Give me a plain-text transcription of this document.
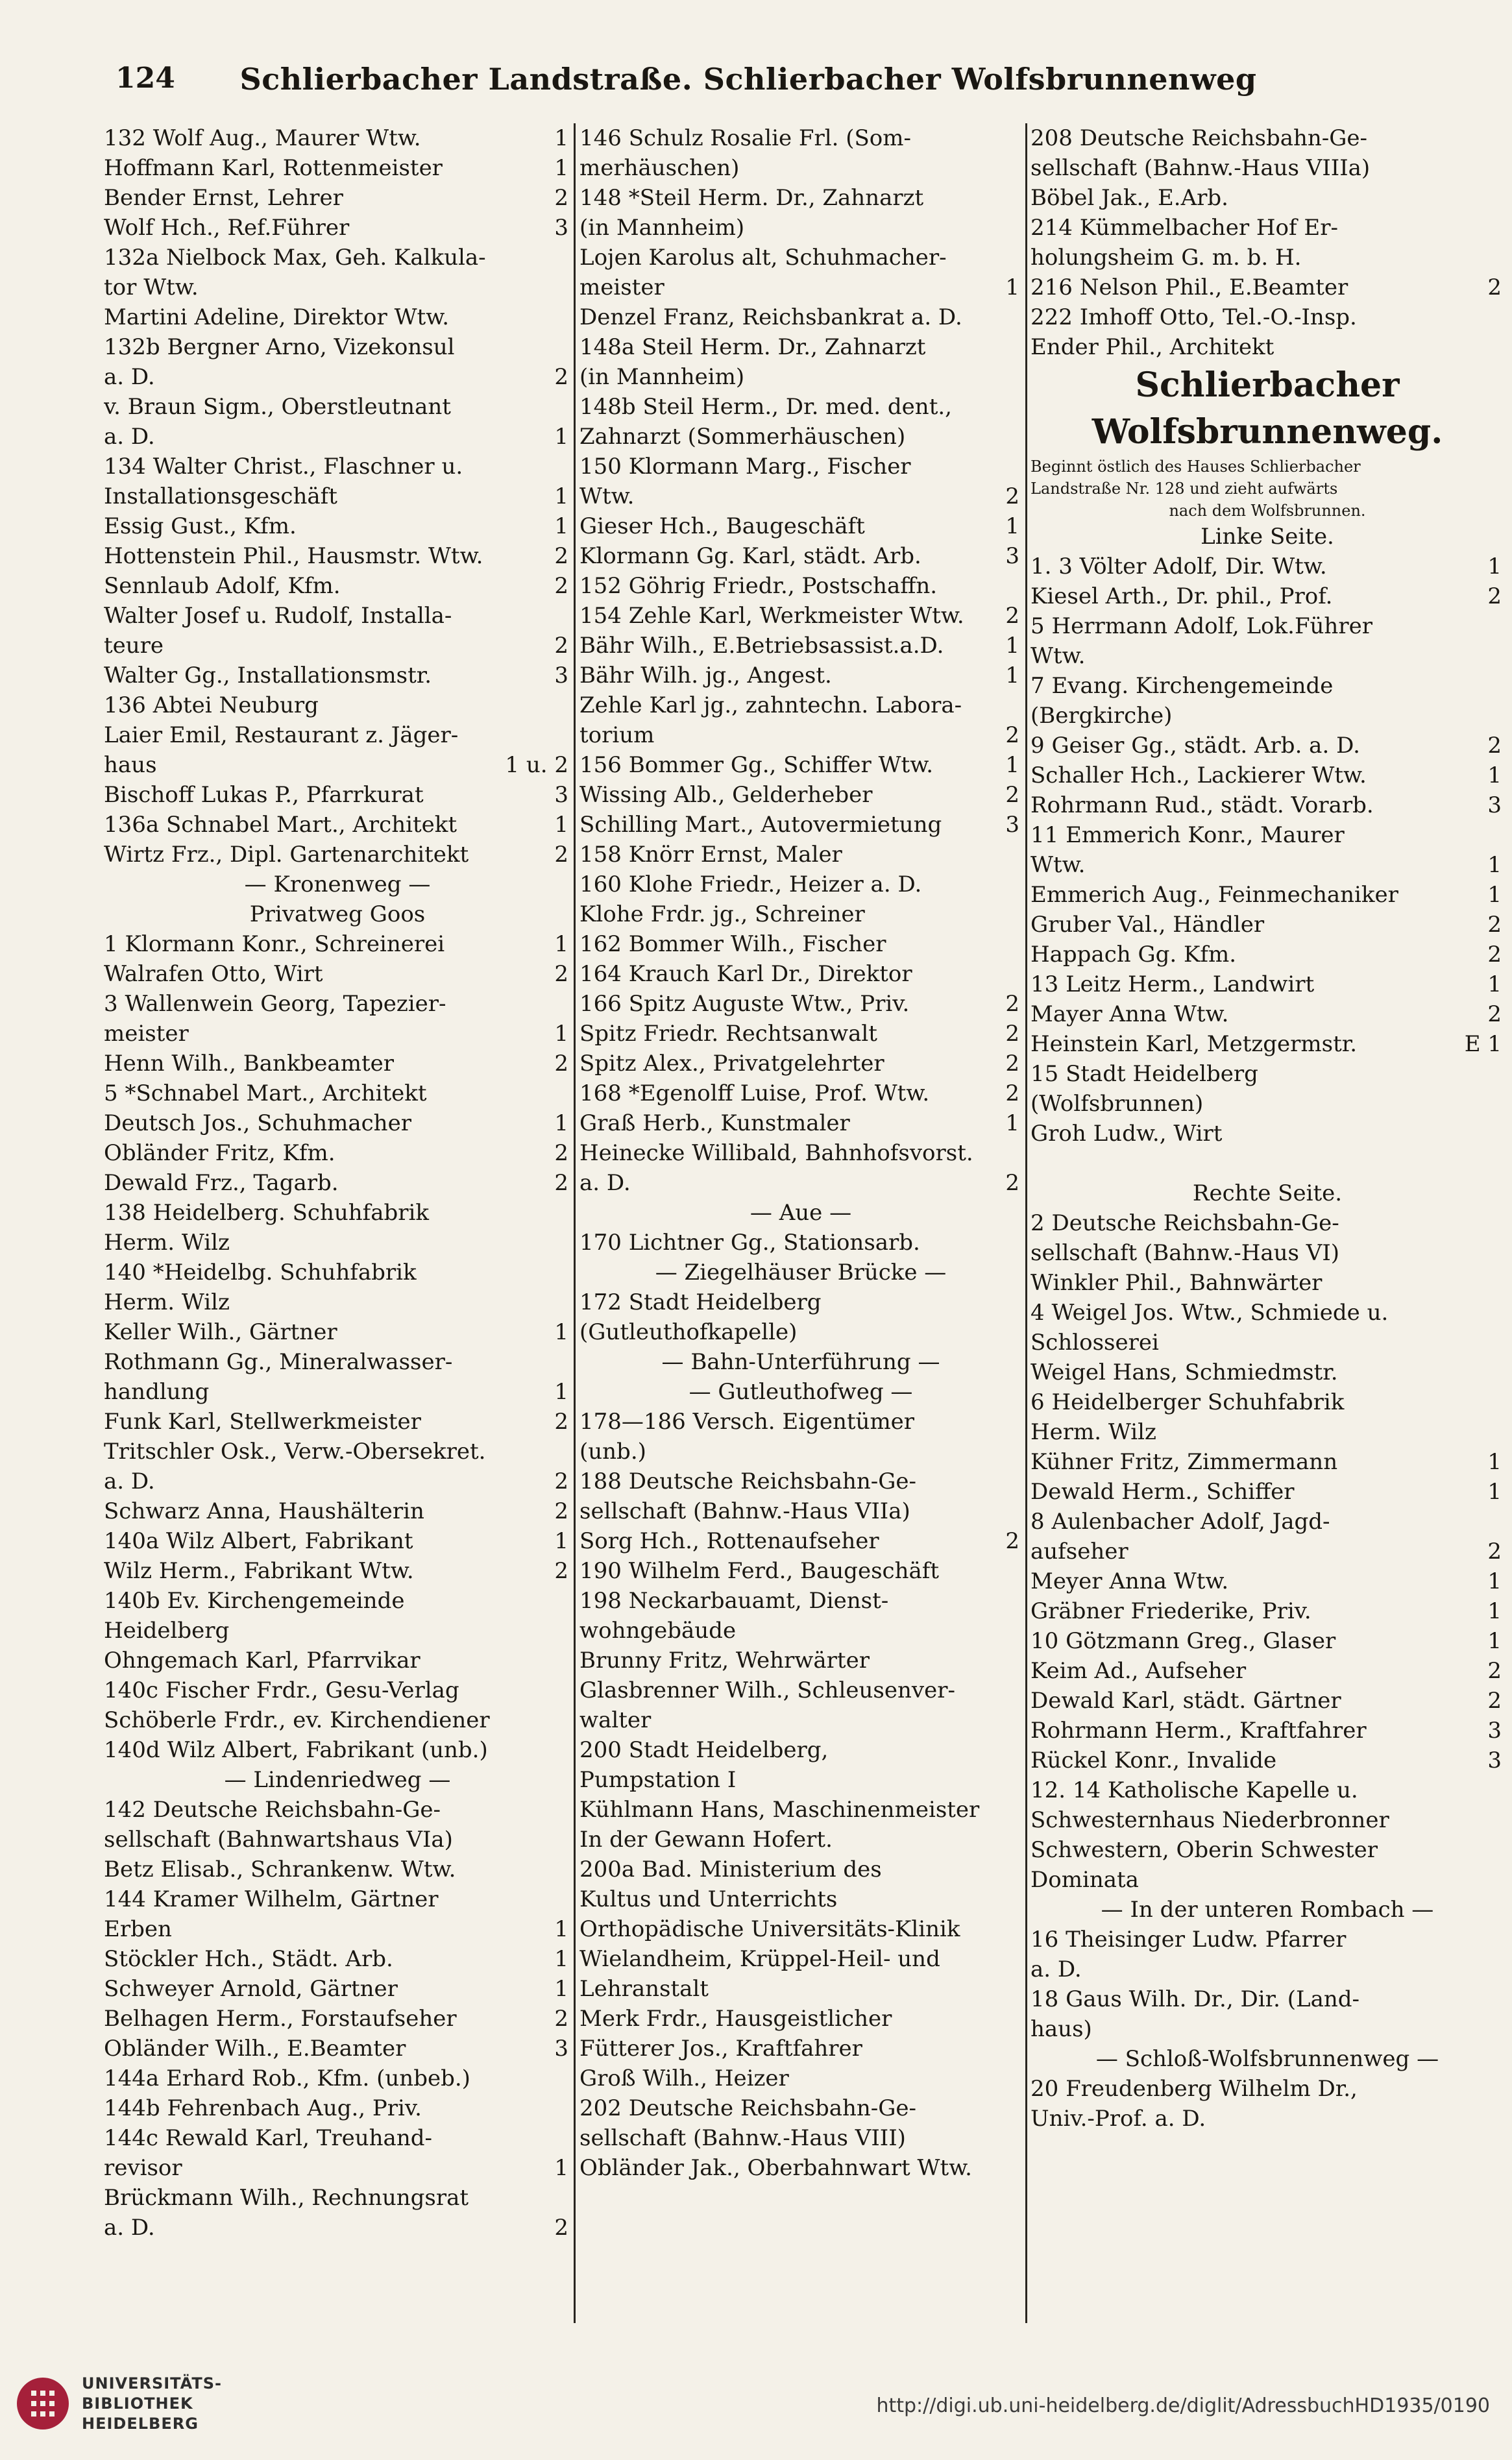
124	Schlierbacher Landstraße. Schlierbacher Wolfsbrunnenweg
132 Wolf Aug., Maurer Wtw.	1
Hoffmann Karl, Rottenmeister	1
Bender Ernst, Lehrer	2
Wolf Hch., Ref.Führer	3
132a Nielbock Max, Geh. Kalkula-
tor Wtw.
Martini Adeline, Direktor Wtw.
132b Bergner Arno, Vizekonsul
a. D.	2
v. Braun Sigm., Oberstleutnant
a. D.	1
134 Walter Christ., Flaschner u.
Installationsgeschäft	1
Essig Gust., Kfm.	1
Hottenstein Phil., Hausmstr. Wtw.	2
Sennlaub Adolf, Kfm.	2
Walter Josef u. Rudolf, Installa-
teure	2
Walter Gg., Installationsmstr.	3
136 Abtei Neuburg
Laier Emil, Restaurant z. Jäger-
haus	1 u. 2
Bischoff Lukas P., Pfarrkurat	3
136a Schnabel Mart., Architekt	1
Wirtz Frz., Dipl. Gartenarchitekt	2
— Kronenweg —
Privatweg Goos
1 Klormann Konr., Schreinerei	1
Walrafen Otto, Wirt	2
3 Wallenwein Georg, Tapezier-
meister	1
Henn Wilh., Bankbeamter	2
5 *Schnabel Mart., Architekt
Deutsch Jos., Schuhmacher	1
Obländer Fritz, Kfm.	2
Dewald Frz., Tagarb.	2
138 Heidelberg. Schuhfabrik
Herm. Wilz
140 *Heidelbg. Schuhfabrik
Herm. Wilz
Keller Wilh., Gärtner	1
Rothmann Gg., Mineralwasser-
handlung	1
Funk Karl, Stellwerkmeister	2
Tritschler Osk., Verw.-Obersekret.
a. D.	2
Schwarz Anna, Haushälterin	2
140a Wilz Albert, Fabrikant	1
Wilz Herm., Fabrikant Wtw.	2
140b Ev. Kirchengemeinde
Heidelberg
Ohngemach Karl, Pfarrvikar
140c Fischer Frdr., Gesu-Verlag
Schöberle Frdr., ev. Kirchendiener
140d Wilz Albert, Fabrikant (unb.)
— Lindenriedweg —
142 Deutsche Reichsbahn-Ge-
sellschaft (Bahnwartshaus VIa)
Betz Elisab., Schrankenw. Wtw.
144 Kramer Wilhelm, Gärtner
Erben	1
Stöckler Hch., Städt. Arb.	1
Schweyer Arnold, Gärtner	1
Belhagen Herm., Forstaufseher	2
Obländer Wilh., E.Beamter	3
144a Erhard Rob., Kfm. (unbeb.)
144b Fehrenbach Aug., Priv.
144c Rewald Karl, Treuhand-
revisor	1
Brückmann Wilh., Rechnungsrat
a. D.	2
146 Schulz Rosalie Frl. (Som-
merhäuschen)
148 *Steil Herm. Dr., Zahnarzt
(in Mannheim)
Lojen Karolus alt, Schuhmacher-
meister	1
Denzel Franz, Reichsbankrat a. D.
148a Steil Herm. Dr., Zahnarzt
(in Mannheim)
148b Steil Herm., Dr. med. dent.,
Zahnarzt (Sommerhäuschen)
150 Klormann Marg., Fischer
Wtw.	2
Gieser Hch., Baugeschäft	1
Klormann Gg. Karl, städt. Arb.	3
152 Göhrig Friedr., Postschaffn.
154 Zehle Karl, Werkmeister Wtw.	2
Bähr Wilh., E.Betriebsassist.a.D.	1
Bähr Wilh. jg., Angest.	1
Zehle Karl jg., zahntechn. Labora-
torium	2
156 Bommer Gg., Schiffer Wtw.	1
Wissing Alb., Gelderheber	2
Schilling Mart., Autovermietung	3
158 Knörr Ernst, Maler
160 Klohe Friedr., Heizer a. D.
Klohe Frdr. jg., Schreiner
162 Bommer Wilh., Fischer
164 Krauch Karl Dr., Direktor
166 Spitz Auguste Wtw., Priv.	2
Spitz Friedr. Rechtsanwalt	2
Spitz Alex., Privatgelehrter	2
168 *Egenolff Luise, Prof. Wtw.	2
Graß Herb., Kunstmaler	1
Heinecke Willibald, Bahnhofsvorst.
a. D.	2
— Aue —
170 Lichtner Gg., Stationsarb.
— Ziegelhäuser Brücke —
172 Stadt Heidelberg
(Gutleuthofkapelle)
— Bahn-Unterführung —
— Gutleuthofweg —
178—186 Versch. Eigentümer
(unb.)
188 Deutsche Reichsbahn-Ge-
sellschaft (Bahnw.-Haus VIIa)
Sorg Hch., Rottenaufseher	2
190 Wilhelm Ferd., Baugeschäft
198 Neckarbauamt, Dienst-
wohngebäude
Brunny Fritz, Wehrwärter
Glasbrenner Wilh., Schleusenver-
walter
200 Stadt Heidelberg,
Pumpstation I
Kühlmann Hans, Maschinenmeister
In der Gewann Hofert.
200a Bad. Ministerium des
Kultus und Unterrichts
Orthopädische Universitäts-Klinik
Wielandheim, Krüppel-Heil- und
Lehranstalt
Merk Frdr., Hausgeistlicher
Fütterer Jos., Kraftfahrer
Groß Wilh., Heizer
202 Deutsche Reichsbahn-Ge-
sellschaft (Bahnw.-Haus VIII)
Obländer Jak., Oberbahnwart Wtw.
208 Deutsche Reichsbahn-Ge-
sellschaft (Bahnw.-Haus VIIIa)
Böbel Jak., E.Arb.
214 Kümmelbacher Hof Er-
holungsheim G. m. b. H.
216 Nelson Phil., E.Beamter	2
222 Imhoff Otto, Tel.-O.-Insp.
Ender Phil., Architekt
Schlierbacher
Wolfsbrunnenweg.
Beginnt östlich des Hauses Schlierbacher
Landstraße Nr. 128 und zieht aufwärts
nach dem Wolfsbrunnen.
Linke Seite.
1. 3 Völter Adolf, Dir. Wtw.	1
Kiesel Arth., Dr. phil., Prof.	2
5 Herrmann Adolf, Lok.Führer
Wtw.
7 Evang. Kirchengemeinde
(Bergkirche)
9 Geiser Gg., städt. Arb. a. D.	2
Schaller Hch., Lackierer Wtw.	1
Rohrmann Rud., städt. Vorarb.	3
11 Emmerich Konr., Maurer
Wtw.	1
Emmerich Aug., Feinmechaniker	1
Gruber Val., Händler	2
Happach Gg. Kfm.	2
13 Leitz Herm., Landwirt	1
Mayer Anna Wtw.	2
Heinstein Karl, Metzgermstr.	E 1
15 Stadt Heidelberg
(Wolfsbrunnen)
Groh Ludw., Wirt
Rechte Seite.
2 Deutsche Reichsbahn-Ge-
sellschaft (Bahnw.-Haus VI)
Winkler Phil., Bahnwärter
4 Weigel Jos. Wtw., Schmiede u.
Schlosserei
Weigel Hans, Schmiedmstr.
6 Heidelberger Schuhfabrik
Herm. Wilz
Kühner Fritz, Zimmermann	1
Dewald Herm., Schiffer	1
8 Aulenbacher Adolf, Jagd-
aufseher	2
Meyer Anna Wtw.	1
Gräbner Friederike, Priv.	1
10 Götzmann Greg., Glaser	1
Keim Ad., Aufseher	2
Dewald Karl, städt. Gärtner	2
Rohrmann Herm., Kraftfahrer	3
Rückel Konr., Invalide	3
12. 14 Katholische Kapelle u.
Schwesternhaus Niederbronner
Schwestern, Oberin Schwester
Dominata
— In der unteren Rombach —
16 Theisinger Ludw. Pfarrer
a. D.
18 Gaus Wilh. Dr., Dir. (Land-
haus)
— Schloß-Wolfsbrunnenweg —
20 Freudenberg Wilhelm Dr.,
Univ.-Prof. a. D.
UNIVERSITÄTS-
BIBLIOTHEK
HEIDELBERG
http://digi.ub.uni-heidelberg.de/diglit/AdressbuchHD1935/0190
